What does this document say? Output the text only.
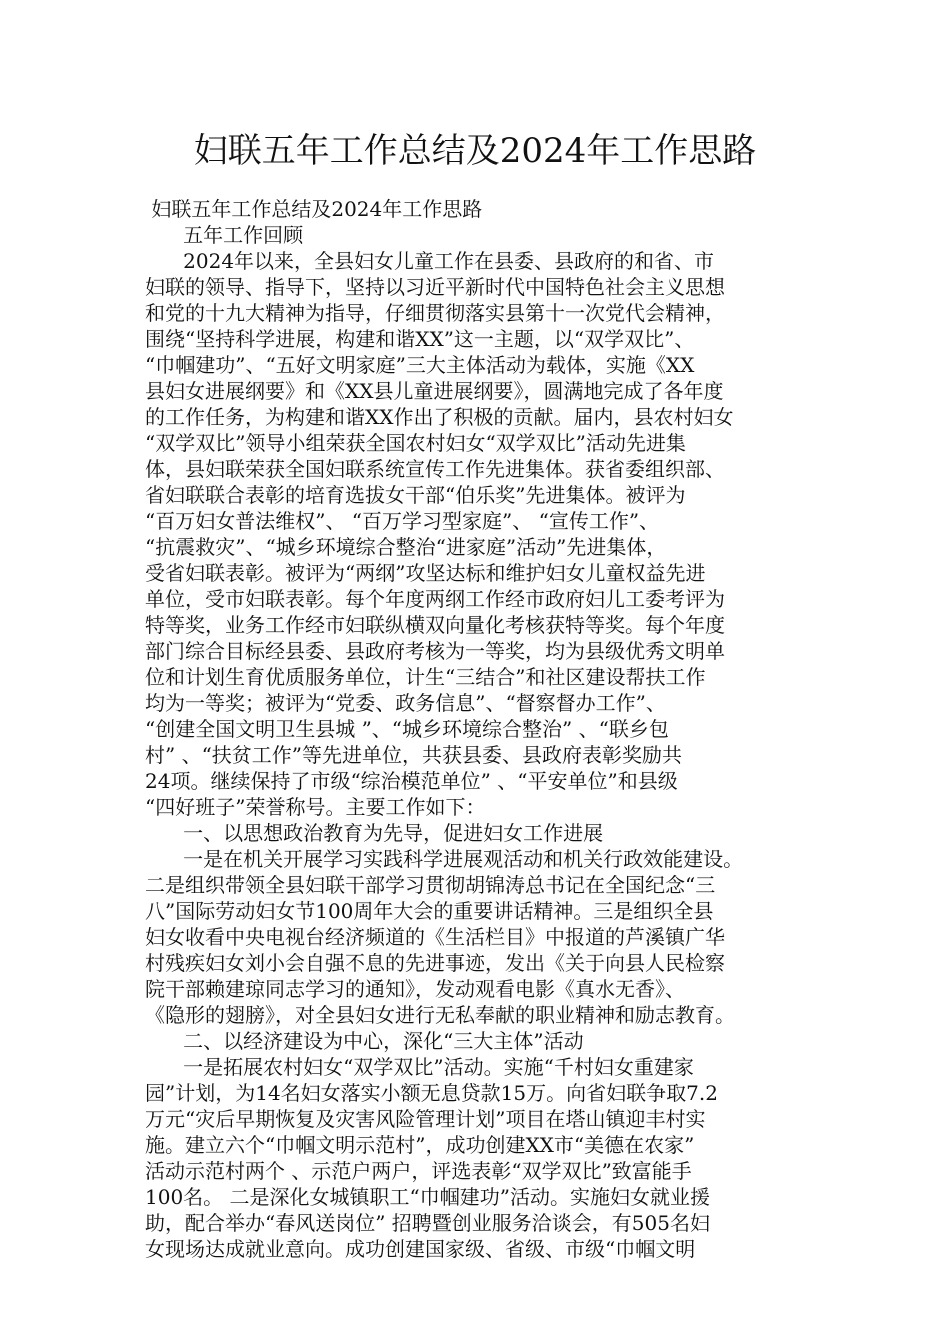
妇联五年工作总结及2024年工作思路
妇联五年工作总结及2024年工作思路
五年工作回顾
2024年以来，全县妇女儿童工作在县委、县政府的和省、市
妇联的领导、指导下，坚持以习近平新时代中国特色社会主义思想
和党的十九大精神为指导，仔细贯彻落实县第十一次党代会精神，
围绕“坚持科学进展，构建和谐XX”这一主题，以“双学双比”、
“巾帼建功”、“五好文明家庭”三大主体活动为载体，实施《XX
县妇女进展纲要》和《XX县儿童进展纲要》，圆满地完成了各年度
的工作任务，为构建和谐XX作出了积极的贡献。届内，县农村妇女
“双学双比”领导小组荣获全国农村妇女“双学双比”活动先进集
体，县妇联荣获全国妇联系统宣传工作先进集体。获省委组织部、
省妇联联合表彰的培育选拔女干部“伯乐奖”先进集体。被评为
“百万妇女普法维权”、 “百万学习型家庭”、 “宣传工作”、
“抗震救灾”、“城乡环境综合整治“进家庭”活动”先进集体，
受省妇联表彰。被评为“两纲”攻坚达标和维护妇女儿童权益先进
单位，受市妇联表彰。每个年度两纲工作经市政府妇儿工委考评为
特等奖，业务工作经市妇联纵横双向量化考核获特等奖。每个年度
部门综合目标经县委、县政府考核为一等奖，均为县级优秀文明单
位和计划生育优质服务单位，计生“三结合”和社区建设帮扶工作
均为一等奖；被评为“党委、政务信息”、“督察督办工作”、
“创建全国文明卫生县城 ”、“城乡环境综合整治” 、“联乡包
村” 、“扶贫工作”等先进单位，共获县委、县政府表彰奖励共
24项。继续保持了市级“综治模范单位” 、“平安单位”和县级
“四好班子”荣誉称号。主要工作如下：
一、以思想政治教育为先导，促进妇女工作进展
一是在机关开展学习实践科学进展观活动和机关行政效能建设。
二是组织带领全县妇联干部学习贯彻胡锦涛总书记在全国纪念“三
八”国际劳动妇女节100周年大会的重要讲话精神。三是组织全县
妇女收看中央电视台经济频道的《生活栏目》中报道的芦溪镇广华
村残疾妇女刘小会自强不息的先进事迹，发出《关于向县人民检察
院干部赖建琼同志学习的通知》，发动观看电影《真水无香》、
《隐形的翅膀》，对全县妇女进行无私奉献的职业精神和励志教育。
二、以经济建设为中心，深化“三大主体”活动
一是拓展农村妇女“双学双比”活动。实施“千村妇女重建家
园”计划，为14名妇女落实小额无息贷款15万。向省妇联争取7.2
万元“灾后早期恢复及灾害风险管理计划”项目在塔山镇迎丰村实
施。建立六个“巾帼文明示范村”，成功创建XX市“美德在农家”
活动示范村两个 、示范户两户，评选表彰“双学双比”致富能手
100名。 二是深化女城镇职工“巾帼建功”活动。实施妇女就业援
助，配合举办“春风送岗位” 招聘暨创业服务洽谈会，有505名妇
女现场达成就业意向。成功创建国家级、省级、市级“巾帼文明
